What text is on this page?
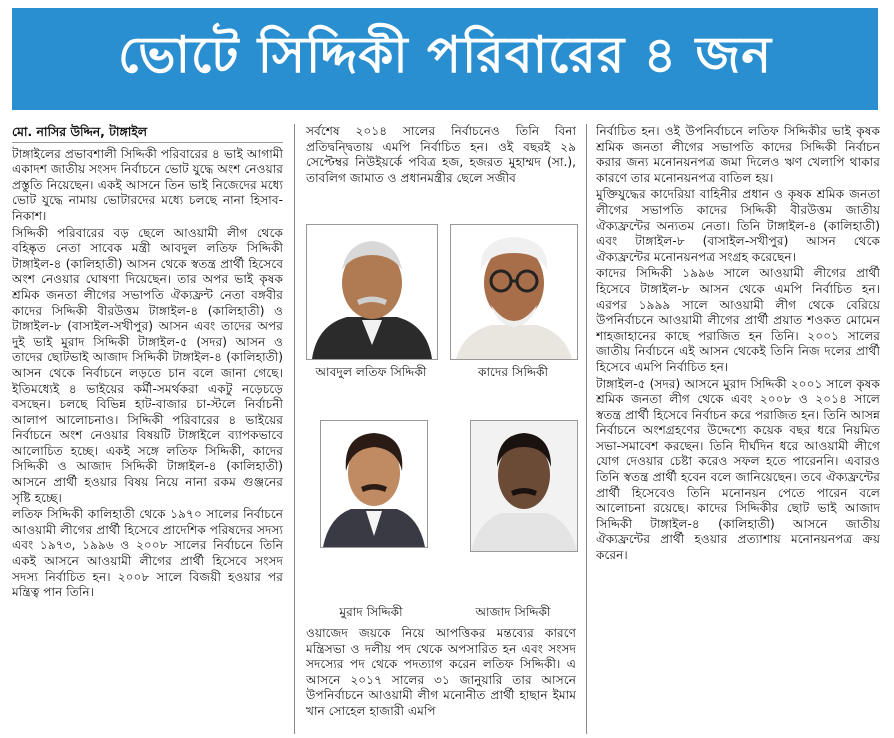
ভোটে সিদ্দিকী পরিবারের ৪ জন
মো. নাসির উদ্দিন, টাঙ্গাইল

টাঙ্গাইলের প্রভাবশালী সিদ্দিকী পরিবারের ৪ ভাই আগামী একাদশ জাতীয় সংসদ নির্বাচনে ভোট যুদ্ধে অংশ নেওয়ার প্রস্তুতি নিয়েছেন। একই আসনে তিন ভাই নিজেদের মধ্যে ভোট যুদ্ধে নামায় ভোটারদের মধ্যে চলছে নানা হিসাব-নিকাশ।

সিদ্দিকী পরিবারের বড় ছেলে আওয়ামী লীগ থেকে বহিষ্কৃত নেতা সাবেক মন্ত্রী আবদুল লতিফ সিদ্দিকী টাঙ্গাইল-৪ (কালিহাতী) আসন থেকে স্বতন্ত্র প্রার্থী হিসেবে অংশ নেওয়ার ঘোষণা দিয়েছেন। তার অপর ভাই কৃষক শ্রমিক জনতা লীগের সভাপতি ঐক্যফ্রন্ট নেতা বঙ্গবীর কাদের সিদ্দিকী বীরউত্তম টাঙ্গাইল-৪ (কালিহাতী) ও টাঙ্গাইল-৮ (বাসাইল-সখীপুর) আসন এবং তাদের অপর দুই ভাই মুরাদ সিদ্দিকী টাঙ্গাইল-৫ (সদর) আসন ও তাদের ছোটভাই আজাদ সিদ্দিকী টাঙ্গাইল-৪ (কালিহাতী) আসন থেকে নির্বাচনে লড়তে চান বলে জানা গেছে। ইতিমধ্যেই ৪ ভাইয়ের কর্মী-সমর্থকরা একটু নড়েচড়ে বসছেন। চলছে বিভিন্ন হাট-বাজার চা-স্টলে নির্বাচনী আলাপ আলোচনাও। সিদ্দিকী পরিবারের ৪ ভাইয়ের নির্বাচনে অংশ নেওয়ার বিষয়টি টাঙ্গাইলে ব্যাপকভাবে আলোচিত হচ্ছে। একই সঙ্গে লতিফ সিদ্দিকী, কাদের সিদ্দিকী ও আজাদ সিদ্দিকী টাঙ্গাইল-৪ (কালিহাতী) আসনে প্রার্থী হওয়ার বিষয় নিয়ে নানা রকম গুঞ্জনের সৃষ্টি হচ্ছে।

লতিফ সিদ্দিকী কালিহাতী থেকে ১৯৭০ সালের নির্বাচনে আওয়ামী লীগের প্রার্থী হিসেবে প্রাদেশিক পরিষদের সদস্য এবং ১৯৭৩, ১৯৯৬ ও ২০০৮ সালের নির্বাচনে তিনি একই আসনে আওয়ামী লীগের প্রার্থী হিসেবে সংসদ সদস্য নির্বাচিত হন। ২০০৮ সালে বিজয়ী হওয়ার পর মন্ত্রিত্ব পান তিনি।

সর্বশেষ ২০১৪ সালের নির্বাচনেও তিনি বিনা প্রতিদ্বন্দ্বিতায় এমপি নির্বাচিত হন। ওই বছরই ২৯ সেপ্টেম্বর নিউইয়র্কে পবিত্র হজ, হজরত মুহাম্মদ (সা.), তাবলিগ জামাত ও প্রধানমন্ত্রীর ছেলে সজীব

আবদুল লতিফ সিদ্দিকী	কাদের সিদ্দিকী
মুরাদ সিদ্দিকী	আজাদ সিদ্দিকী

ওয়াজেদ জয়কে নিয়ে আপত্তিকর মন্তব্যের কারণে মন্ত্রিসভা ও দলীয় পদ থেকে অপসারিত হন এবং সংসদ সদস্যের পদ থেকে পদত্যাগ করেন লতিফ সিদ্দিকী। এ আসনে ২০১৭ সালের ৩১ জানুয়ারি তার আসনে উপনির্বাচনে আওয়ামী লীগ মনোনীত প্রার্থী হাছান ইমাম খান সোহেল হাজারী এমপি

নির্বাচিত হন। ওই উপনির্বাচনে লতিফ সিদ্দিকীর ভাই কৃষক শ্রমিক জনতা লীগের সভাপতি কাদের সিদ্দিকী নির্বাচন করার জন্য মনোনয়নপত্র জমা দিলেও ঋণ খেলাপি থাকার কারণে তার মনোনয়নপত্র বাতিল হয়।

মুক্তিযুদ্ধের কাদেরিয়া বাহিনীর প্রধান ও কৃষক শ্রমিক জনতা লীগের সভাপতি কাদের সিদ্দিকী বীরউত্তম জাতীয় ঐক্যফ্রন্টের অন্যতম নেতা। তিনি টাঙ্গাইল-৪ (কালিহাতী) এবং টাঙ্গাইল-৮ (বাসাইল-সখীপুর) আসন থেকে ঐক্যফ্রন্টের মনোনয়নপত্র সংগ্রহ করেছেন।

কাদের সিদ্দিকী ১৯৯৬ সালে আওয়ামী লীগের প্রার্থী হিসেবে টাঙ্গাইল-৮ আসন থেকে এমপি নির্বাচিত হন। এরপর ১৯৯৯ সালে আওয়ামী লীগ থেকে বেরিয়ে উপনির্বাচনে আওয়ামী লীগের প্রার্থী প্রয়াত শওকত মোমেন শাহজাহানের কাছে পরাজিত হন তিনি। ২০০১ সালের জাতীয় নির্বাচনে এই আসন থেকেই তিনি নিজ দলের প্রার্থী হিসেবে এমপি নির্বাচিত হন।

টাঙ্গাইল-৫ (সদর) আসনে মুরাদ সিদ্দিকী ২০০১ সালে কৃষক শ্রমিক জনতা লীগ থেকে এবং ২০০৮ ও ২০১৪ সালে স্বতন্ত্র প্রার্থী হিসেবে নির্বাচন করে পরাজিত হন। তিনি আসন্ন নির্বাচনে অংশগ্রহণের উদ্দেশ্যে কয়েক বছর ধরে নিয়মিত সভা-সমাবেশ করছেন। তিনি দীর্ঘদিন ধরে আওয়ামী লীগে যোগ দেওয়ার চেষ্টা করেও সফল হতে পারেননি। এবারও তিনি স্বতন্ত্র প্রার্থী হবেন বলে জানিয়েছেন। তবে ঐক্যফ্রন্টের প্রার্থী হিসেবেও তিনি মনোনয়ন পেতে পারেন বলে আলোচনা রয়েছে। কাদের সিদ্দিকীর ছোট ভাই আজাদ সিদ্দিকী টাঙ্গাইল-৪ (কালিহাতী) আসনে জাতীয় ঐক্যফ্রন্টের প্রার্থী হওয়ার প্রত্যাশায় মনোনয়নপত্র ক্রয় করেন।
